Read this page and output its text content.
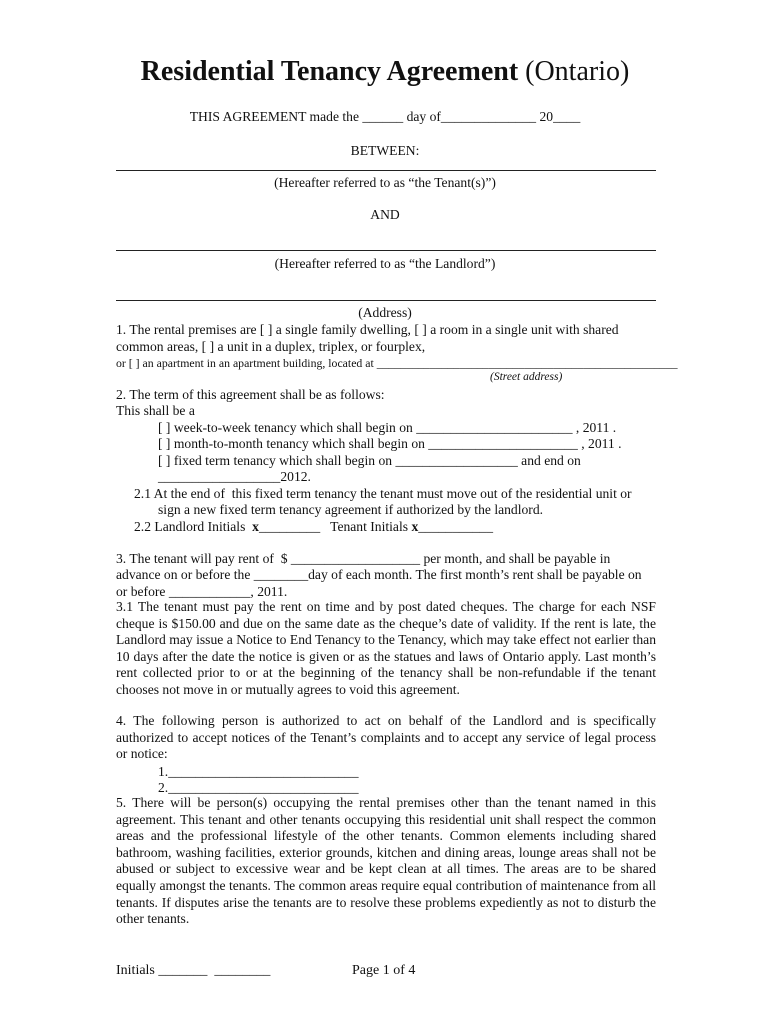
Residential Tenancy Agreement (Ontario)
THIS AGREEMENT made the ______ day of______________ 20____
BETWEEN:
(Hereafter referred to as “the Tenant(s)”)
AND
(Hereafter referred to as “the Landlord”)
(Address)
1. The rental premises are [ ] a single family dwelling, [ ] a room in a single unit with shared
common areas, [ ] a unit in a duplex, triplex, or fourplex,
or [ ] an apartment in an apartment building, located at ___________________________________________________
(Street address)
2. The term of this agreement shall be as follows:
This shall be a
[ ] week-to-week tenancy which shall begin on _______________________ , 2011 .
[ ] month-to-month tenancy which shall begin on ______________________ , 2011 .
[ ] fixed term tenancy which shall begin on __________________ and end on
__________________2012.
2.1 At the end of  this fixed term tenancy the tenant must move out of the residential unit or
sign a new fixed term tenancy agreement if authorized by the landlord.
2.2 Landlord Initials  x_________   Tenant Initials x___________
3. The tenant will pay rent of  $ ___________________ per month, and shall be payable in
advance on or before the ________day of each month. The first month’s rent shall be payable on
or before ____________, 2011.
3.1 The tenant must pay the rent on time and by post dated cheques. The charge for each NSF cheque is $150.00 and due on the same date as the cheque’s date of validity. If the rent is late, the Landlord may issue a Notice to End Tenancy to the Tenancy, which may take effect not earlier than 10 days after the date the notice is given or as the statues and laws of Ontario apply. Last month’s rent collected prior to or at the beginning of the tenancy shall be non-refundable if the tenant chooses not move in or mutually agrees to void this agreement.
4. The following person is authorized to act on behalf of the Landlord and is specifically authorized to accept notices of the Tenant’s complaints and to accept any service of legal process or notice:
1.____________________________
2.____________________________
5. There will be person(s) occupying the rental premises other than the tenant named in this agreement. This tenant and other tenants occupying this residential unit shall respect the common areas and the professional lifestyle of the other tenants. Common elements including shared bathroom, washing facilities, exterior grounds, kitchen and dining areas, lounge areas shall not be abused or subject to excessive wear and be kept clean at all times. The areas are to be shared equally amongst the tenants. The common areas require equal contribution of maintenance from all tenants. If disputes arise the tenants are to resolve these problems expediently as not to disturb the other tenants.
Initials _______  ________	Page 1 of 4
